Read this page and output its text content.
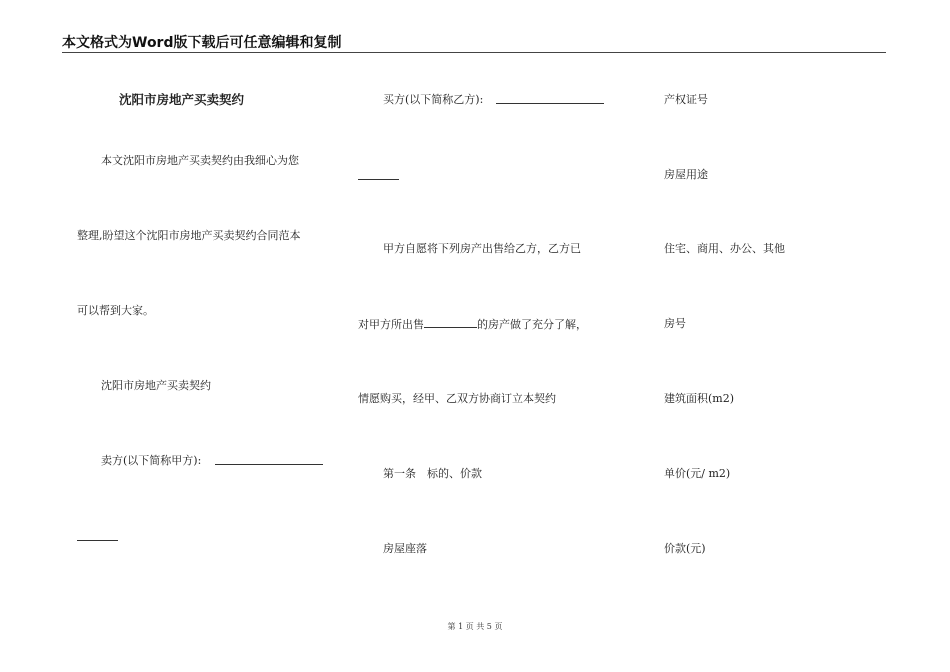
本文格式为Word版下载后可任意编辑和复制
沈阳市房地产买卖契约
本文沈阳市房地产买卖契约由我细心为您
整理,盼望这个沈阳市房地产买卖契约合同范本
可以帮到大家。
沈阳市房地产买卖契约
卖方(以下简称甲方):
买方(以下简称乙方):
甲方自愿将下列房产出售给乙方，乙方已
对甲方所出售	的房产做了充分了解，
情愿购买，经甲、乙双方协商订立本契约
第一条　标的、价款
房屋座落
产权证号
房屋用途
住宅、商用、办公、其他
房号
建筑面积(m2)
单价(元/ m2)
价款(元)
第 1 页 共 5 页
